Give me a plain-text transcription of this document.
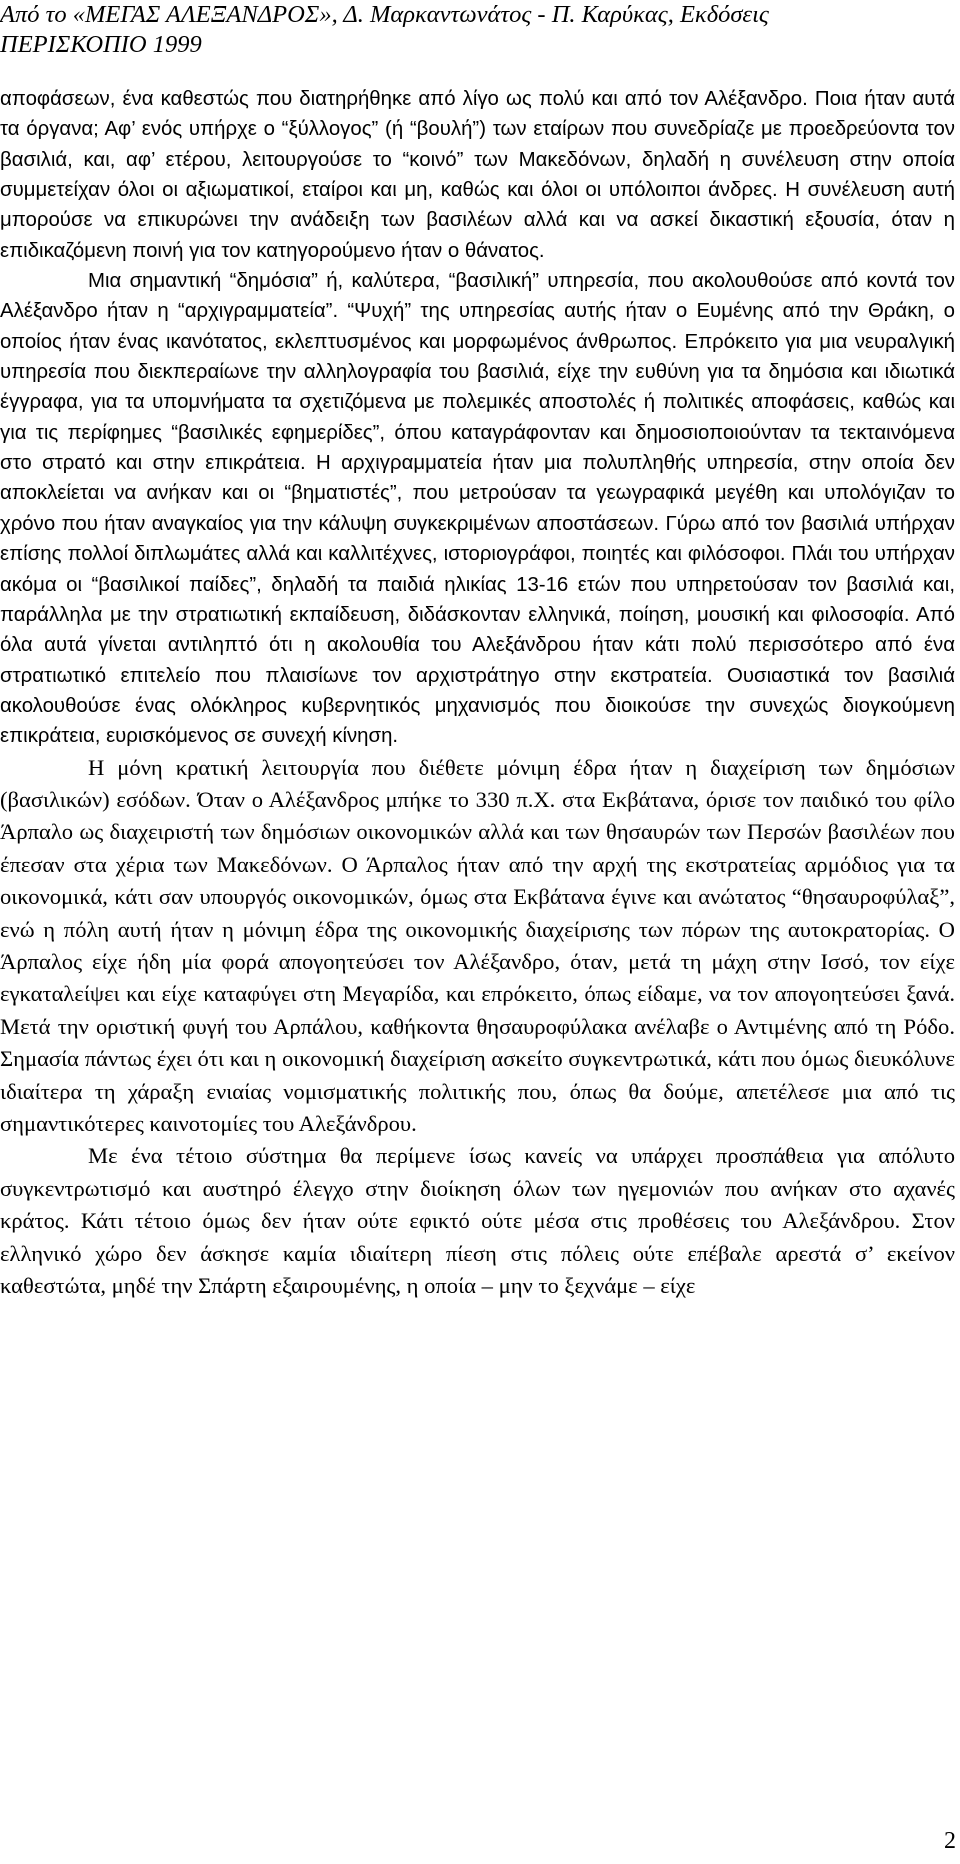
Από το «ΜΕΓΑΣ ΑΛΕΞΑΝΔΡΟΣ», Δ. Μαρκαντωνάτος - Π. Καρύκας, Εκδόσεις
ΠΕΡΙΣΚΟΠΙΟ 1999

αποφάσεων, ένα καθεστώς που διατηρήθηκε από λίγο ως πολύ και από τον Αλέξανδρο. Ποια ήταν αυτά τα όργανα; Αφ’ ενός υπήρχε ο “ξύλλογος” (ή “βουλή”) των εταίρων που συνεδρίαζε με προεδρεύοντα τον βασιλιά, και, αφ’ ετέρου, λειτουργούσε το “κοινό” των Μακεδόνων, δηλαδή η συνέλευση στην οποία συμμετείχαν όλοι οι αξιωματικοί, εταίροι και μη, καθώς και όλοι οι υπόλοιποι άνδρες. Η συνέλευση αυτή μπορούσε να επικυρώνει την ανάδειξη των βασιλέων αλλά και να ασκεί δικαστική εξουσία, όταν η επιδικαζόμενη ποινή για τον κατηγορούμενο ήταν ο θάνατος.

Μια σημαντική “δημόσια” ή, καλύτερα, “βασιλική” υπηρεσία, που ακολουθούσε από κοντά τον Αλέξανδρο ήταν η “αρχιγραμματεία”. “Ψυχή” της υπηρεσίας αυτής ήταν ο Ευμένης από την Θράκη, ο οποίος ήταν ένας ικανότατος, εκλεπτυσμένος και μορφωμένος άνθρωπος. Επρόκειτο για μια νευραλγική υπηρεσία που διεκπεραίωνε την αλληλογραφία του βασιλιά, είχε την ευθύνη για τα δημόσια και ιδιωτικά έγγραφα, για τα υπομνήματα τα σχετιζόμενα με πολεμικές αποστολές ή πολιτικές αποφάσεις, καθώς και για τις περίφημες “βασιλικές εφημερίδες”, όπου καταγράφονταν και δημοσιοποιούνταν τα τεκταινόμενα στο στρατό και στην επικράτεια. Η αρχιγραμματεία ήταν μια πολυπληθής υπηρεσία, στην οποία δεν αποκλείεται να ανήκαν και οι “βηματιστές”, που μετρούσαν τα γεωγραφικά μεγέθη και υπολόγιζαν το χρόνο που ήταν αναγκαίος για την κάλυψη συγκεκριμένων αποστάσεων. Γύρω από τον βασιλιά υπήρχαν επίσης πολλοί διπλωμάτες αλλά και καλλιτέχνες, ιστοριογράφοι, ποιητές και φιλόσοφοι. Πλάι του υπήρχαν ακόμα οι “βασιλικοί παίδες”, δηλαδή τα παιδιά ηλικίας 13-16 ετών που υπηρετούσαν τον βασιλιά και, παράλληλα με την στρατιωτική εκπαίδευση, διδάσκονταν ελληνικά, ποίηση, μουσική και φιλοσοφία. Από όλα αυτά γίνεται αντιληπτό ότι η ακολουθία του Αλεξάνδρου ήταν κάτι πολύ περισσότερο από ένα στρατιωτικό επιτελείο που πλαισίωνε τον αρχιστράτηγο στην εκστρατεία. Ουσιαστικά τον βασιλιά ακολουθούσε ένας ολόκληρος κυβερνητικός μηχανισμός που διοικούσε την συνεχώς διογκούμενη επικράτεια, ευρισκόμενος σε συνεχή κίνηση.

Η μόνη κρατική λειτουργία που διέθετε μόνιμη έδρα ήταν η διαχείριση των δημόσιων (βασιλικών) εσόδων. Όταν ο Αλέξανδρος μπήκε το 330 π.Χ. στα Εκβάτανα, όρισε τον παιδικό του φίλο Άρπαλο ως διαχειριστή των δημόσιων οικονομικών αλλά και των θησαυρών των Περσών βασιλέων που έπεσαν στα χέρια των Μακεδόνων. Ο Άρπαλος ήταν από την αρχή της εκστρατείας αρμόδιος για τα οικονομικά, κάτι σαν υπουργός οικονομικών, όμως στα Εκβάτανα έγινε και ανώτατος “θησαυροφύλαξ”, ενώ η πόλη αυτή ήταν η μόνιμη έδρα της οικονομικής διαχείρισης των πόρων της αυτοκρατορίας. Ο Άρπαλος είχε ήδη μία φορά απογοητεύσει τον Αλέξανδρο, όταν, μετά τη μάχη στην Ισσό, τον είχε εγκαταλείψει και είχε καταφύγει στη Μεγαρίδα, και επρόκειτο, όπως είδαμε, να τον απογοητεύσει ξανά. Μετά την οριστική φυγή του Αρπάλου, καθήκοντα θησαυροφύλακα ανέλαβε ο Αντιμένης από τη Ρόδο. Σημασία πάντως έχει ότι και η οικονομική διαχείριση ασκείτο συγκεντρωτικά, κάτι που όμως διευκόλυνε ιδιαίτερα τη χάραξη ενιαίας νομισματικής πολιτικής που, όπως θα δούμε, απετέλεσε μια από τις σημαντικότερες καινοτομίες του Αλεξάνδρου.

Με ένα τέτοιο σύστημα θα περίμενε ίσως κανείς να υπάρχει προσπάθεια για απόλυτο συγκεντρωτισμό και αυστηρό έλεγχο στην διοίκηση όλων των ηγεμονιών που ανήκαν στο αχανές κράτος. Κάτι τέτοιο όμως δεν ήταν ούτε εφικτό ούτε μέσα στις προθέσεις του Αλεξάνδρου. Στον ελληνικό χώρο δεν άσκησε καμία ιδιαίτερη πίεση στις πόλεις ούτε επέβαλε αρεστά σ’ εκείνον καθεστώτα, μηδέ την Σπάρτη εξαιρουμένης, η οποία – μην το ξεχνάμε – είχε

2
